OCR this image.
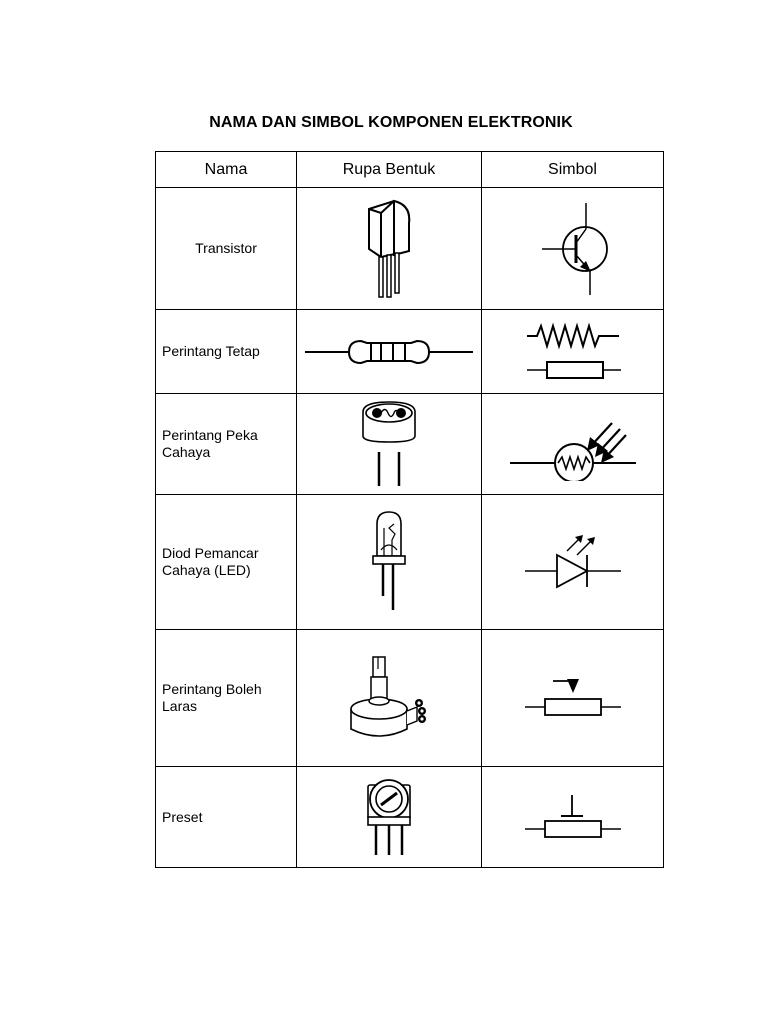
NAMA DAN SIMBOL KOMPONEN ELEKTRONIK
Nama	Rupa Bentuk	Simbol
Transistor	

Perintang Tetap	

Perintang Peka Cahaya	

Diod Pemancar Cahaya (LED)	

Perintang Boleh Laras	

Preset	
